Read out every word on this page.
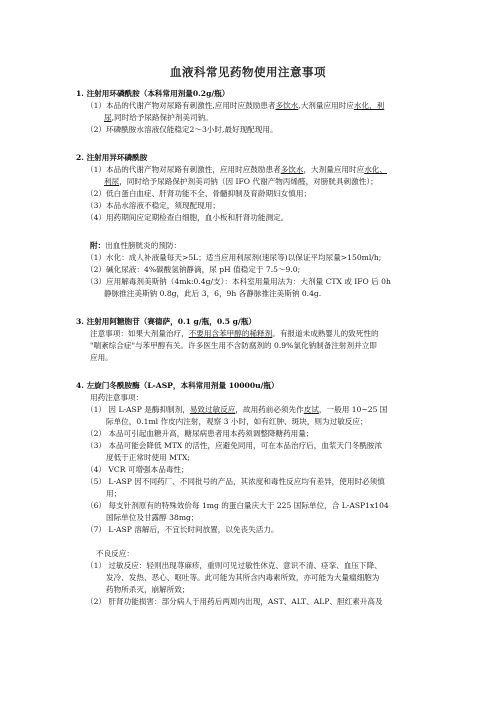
血液科常见药物使用注意事项
1. 注射用环磷酰胺（本科常用剂量0.2g/瓶）
（1）本品的代谢产物对尿路有刺激性,应用时应鼓励患者多饮水,大剂量应用时应水化、利
尿,同时给予尿路保护剂美司钠。
（2）环磷酰胺水溶液仅能稳定2～3小时,最好现配现用。
2. 注射用异环磷酰胺
（1）本品的代谢产物对尿路有刺激性，应用时应鼓励患者多饮水，大剂量应用时应水化、
利尿，同时给予尿路保护剂美司钠（因 IFO 代谢产物丙烯醛，对膀胱具刺激性）；
（2）低白蛋白血症、肝肾功能不全、骨髓抑制及育龄期妇女慎用；
（3）本品水溶液不稳定，须现配现用；
（4）用药期间应定期检查白细胞，血小板和肝肾功能测定。
附：出血性膀胱炎的预防：
（1）水化：成人补液量每天>5L；适当应用利尿剂(速尿等)以保证平均尿量>150ml/h;
（2）碱化尿液：4%碳酸氢钠静滴，尿 pH 值稳定于 7.5～9.0;
（3）应用解毒剂美斯钠（4mk:0.4g/支）：本科室用量用法为：大剂量 CTX 或 IFO 后 0h
静脉推注美斯钠 0.8g，此后 3，6，9h 各静脉推注美斯钠 0.4g.
3. 注射用阿糖胞苷（赛德萨，0.1 g/瓶，0.5 g/瓶）
注意事项：如果大剂量治疗，不要用含苯甲醇的稀释剂。有报道未成熟婴儿的致死性的
"喘紊综合症"与苯甲醇有关。许多医生用不含防腐剂的 0.9%氯化钠制备注射剂并立即
应用。
4. 左旋门冬酰胺酶（L-ASP，本科常用剂量 10000u/瓶）
用药注意事项：
（1） 因 L-ASP 是酶抑制剂，易致过敏反应，故用药前必须先作皮试，一般用 10~25 国
际单位，0.1ml 作皮内注射，观察 3 小时，如有红肿、斑块，则为过敏反应；
（2） 本品可引起血糖升高，糖尿病患者用本药须调整降糖药用量；
（3） 本品可能会降低 MTX 的活性，应避免同用，可在本品治疗后，血浆天门冬酰胺浓
度低于正常时使用 MTX;
（4） VCR 可增强本品毒性；
（5） L-ASP 因不同药厂、不同批号的产品，其浓度和毒性反应均有差异，使用时必须慎
用；
（6） 每支针剂原有的特殊效价每 1mg 的蛋白量庆大于 225 国际单位，合 L-ASP1x104
国际单位及甘露醇 38mg；
（7） L-ASP 溶解后，不宜长时间放置，以免丧失活力。
不良反应：
（1） 过敏反应：轻则出现荨麻疹，重则可见过敏性休克、意识不清、痉挛、血压下降、
发冷、发热、恶心、呕吐等。此可能为其所含内毒素所致，亦可能为大量瘤细胞为
药物所杀灭，崩解所致；
（2） 肝肾功能损害：部分病人于用药后两周内出现，AST、ALT、ALP、胆红素升高及
